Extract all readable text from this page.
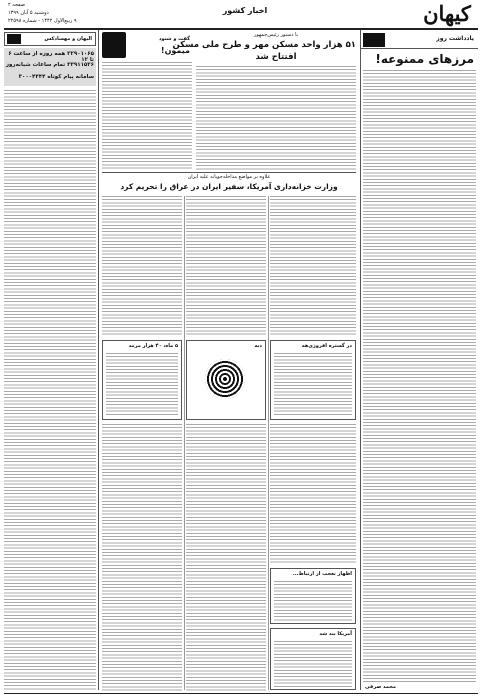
کیهان
صفحه ۲
دوشنبه ۵ آبان ۱۳۹۹
۹ ربیع‌الاول ۱۴۴۲ - شماره ۲۲۵۹۸
اخبار کشور
یادداشت روز
مرزهای ممنوعه!
محمد صرفی
الیهان و مهسادکس
۲۲۹۰۱۰۶۵ همه روزه از ساعت ۶ تا ۱۲
۳۳۹۱۱۵۲۶ تمام ساعات شبانه‌روز
سامانه پیام کوتاه ۳۰۰۰۴۴۴۴
گفت و شنود
میمون!
با دستور رئیس‌جمهور
۵۱ هزار واحد مسکن مهر و طرح ملی مسکن
افتتاح شد
علاوه بر مواضع مداخله‌جویانه علیه ایران
وزارت خزانه‌داری آمریکا، سفیر ایران در عراق را تحریم کرد
۵ ماه، ۴۰ هزار مرمد	دیه	در گستره افروزی‌هه
اظهار تعجب از ارتباط...
آمریکا بند شد
